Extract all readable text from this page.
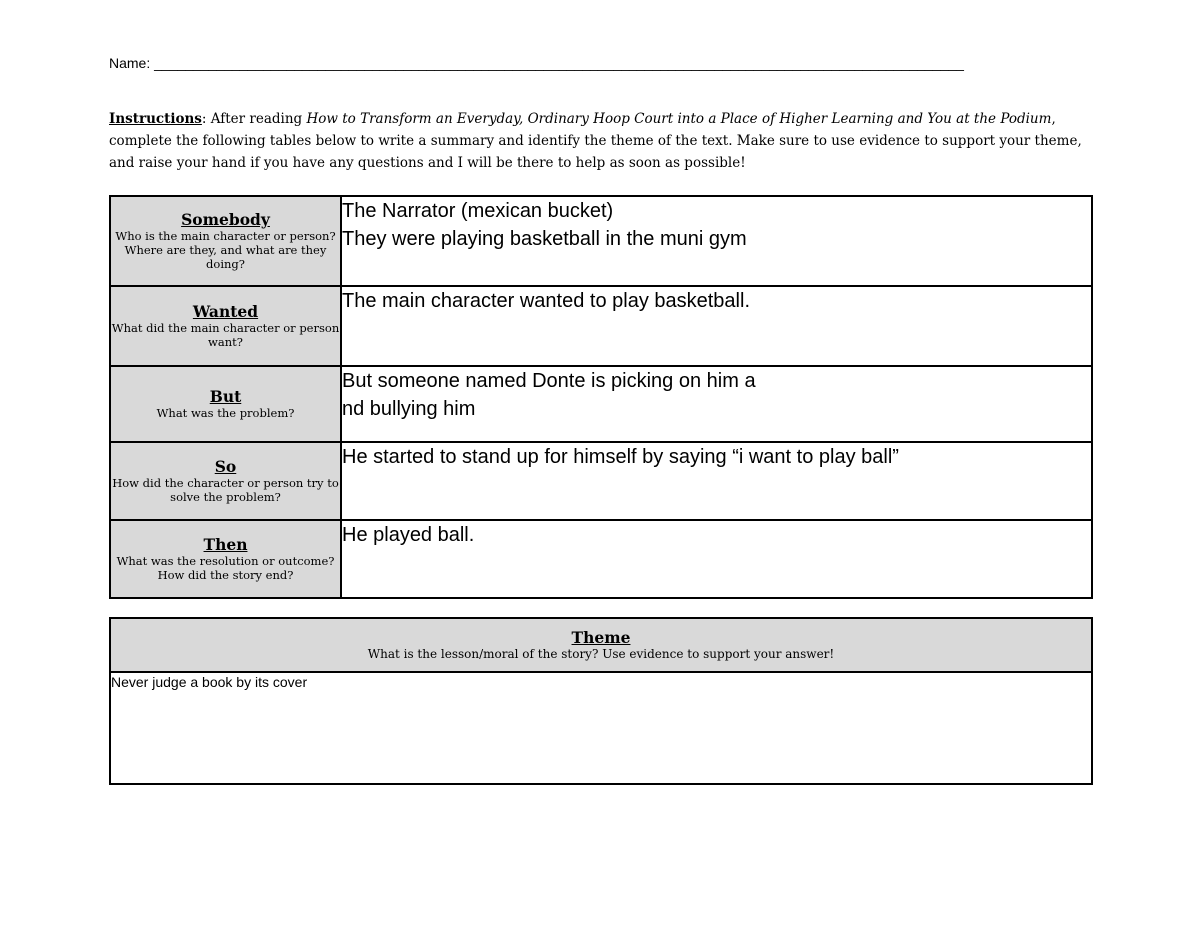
Name: ________________________________________________________________________________________________________
Instructions: After reading How to Transform an Everyday, Ordinary Hoop Court into a Place of Higher Learning and You at the Podium, complete the following tables below to write a summary and identify the theme of the text. Make sure to use evidence to support your theme, and raise your hand if you have any questions and I will be there to help as soon as possible!
Somebody
Who is the main character or person? Where are they, and what are they doing?	The Narrator (mexican bucket)
They were playing basketball in the muni gym

Wanted
What did the main character or person want?	The main character wanted to play basketball.

But
What was the problem?	But someone named Donte is picking on him a
nd bullying him

So
How did the character or person try to solve the problem?	He started to stand up for himself by saying “i want to play ball”

Then
What was the resolution or outcome? How did the story end?	He played ball.
Theme
What is the lesson/moral of the story? Use evidence to support your answer!
Never judge a book by its cover
